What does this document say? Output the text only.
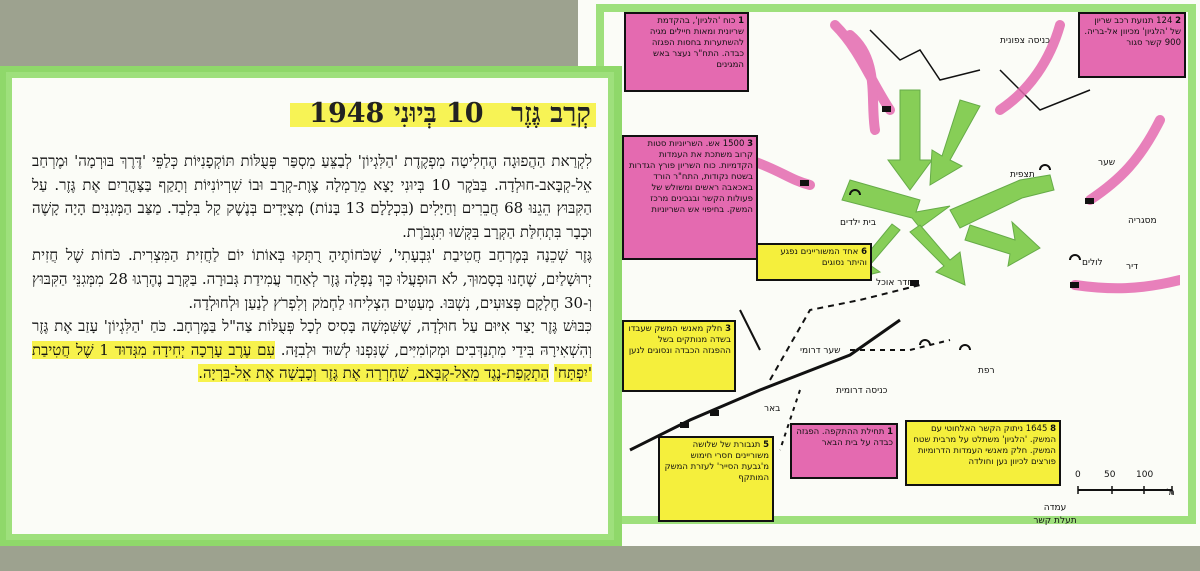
1 כוח 'הלגיון', בהקדמת שריונית ומאות חיילים מגיה להשתערות בחסות הפגזה כבדה. התח"ר נעצר באש המגינים
2 124 תנועת רכב שריון של 'הלגיון' מכיוון אל-בריה. 900 קשר סגור
3 1500 אש. השריוניות סטות קרוב משתכת את העמדות הקדמיות. כוח השריון פורץ הגדרות בשטח נקודות, התח"ר הורד באכאבה ראשים ומשולש של פעולות הקשר ובגבינים מרכז המשק. בחיפוי אש השריוניות
6 אחד המשוריינים נפגע והיתר נסוגים
3 חלק מאנשי המשק שעבדו בשדה מנותקים בשל ההפגזה הכבדה ונסוגים לנען
5 תגבורת של שלושה משוריינים חסרי חימוש מ'גבעת הסייר' לעזרת המשק המותקף
1 תחילת ההתקפה. הפגזה כבדה על בית הבאר
8 1645 ניתוק הקשר האלחוטי עם המשק. 'הלגיון' משתלט על מרבית שטח המשק. חלק מאנשי העמדות הדרומיות פורצים לכיוון נען וחולדה
כניסה צפונית
שער
תצפית
בית ילדים	מסגריה
חדר אוכל
דיר
לולים
שער דרומי
רפת
כניסה דרומית
באר
0	50 100
מ'
עמדה
תעלת קשר
קְרַב גֶּזֶר 10 בְּיוּנִי 1948

לִקְרַאת הַהֲפוּגָה הֶחְלִיטָה מִפְקֶדֶת 'הַלִּגְיוֹן' לְבַצֵּעַ מִסְפַּר פְּעֻלּוֹת תּוֹקְפָנִיּוֹת כְּלַפֵּי 'דֶּרֶךְ בּוּרְמָה' וּמֶרְחַב אֵל-קְבָּאב-חוּלְדָה. בַּבֹּקֶר 10 בְּיוּנִי יָצָא מֵרַמְלָה צֶוֶת-קְרָב וּבוֹ שִׁרְיוֹנִיּוֹת וְתָקַף בַּצָּהֳרַיִם אֶת גֶּזֶר. עַל הַקִּבּוּץ הֵגֵנּוּ 68 חֲבֵרִים וְחַיָּלִים (בִּכְלָלָם 13 בָּנוֹת) מְצֻיָּדִים בְּנֶשֶׁק קַל בִּלְבַד. מַצַּב הַמְּגִנִּים הָיָה קָשֶׁה וּכְבָר בִּתְחִלַּת הַקְּרָב בִּקְּשׁוּ תִּגְבֹּרֶת.

גֶּזֶר שְׁכֵנָה בְּמֶרְחַב חֲטִיבַת 'גִּבְעָתִי', שֶׁכֹּחוֹתֶיהָ רֻתְּקוּ בְּאוֹתוֹ יוֹם לַחֲזִית הַמִּצְרִית. כֹּחוֹת שֶׁל חֲזִית יְרוּשָׁלַיִם, שֶׁחָנוּ בְּסָמוּךְ, לֹא הוּפְעֲלוּ כָּךְ נָפְלָה גֶּזֶר לְאַחַר עֲמִידַת גְּבוּרָה. בַּקְּרָב נֶהֶרְגוּ 28 מִמְּגִנֵּי הַקִּבּוּץ וְ-30 חֶלְקָם פְּצוּעִים, נִשְׁבּוּ. מְעַטִּים הִצְלִיחוּ לַחְמֹק וְלִפְרֹץ לְנַעַן וּלְחוּלְדָה.

כִּבּוּשׁ גֶּזֶר יָצַר אִיּוּם עַל חוּלְדָה, שֶׁשִּׁמְּשָׁה בָּסִיס לְכָל פְּעֻלּוֹת צַה"ל בַּמֶּרְחָב. כֹּחַ 'הַלִּגְיוֹן' עָזַב אֶת גֶּזֶר וְהִשְׁאִירָהּ בִּידֵי מִתְנַדְּבִים וּמְקוֹמִיִּים, שֶׁנִּפְנוּ לְשׁוּד וּלְבִזָּה. עִם עֶרֶב עָרְכָה יְחִידָה מִגְּדוּד 1 שֶׁל חֲטִיבַת 'יִפְתָּח' הַתְקָפַת-נֶגֶד מֵאֵל-קְבָּאב, שִׁחְרְרָה אֶת גֶּזֶר וְכָבְשָׁה אֶת אֵל-בִּרְיָה.
